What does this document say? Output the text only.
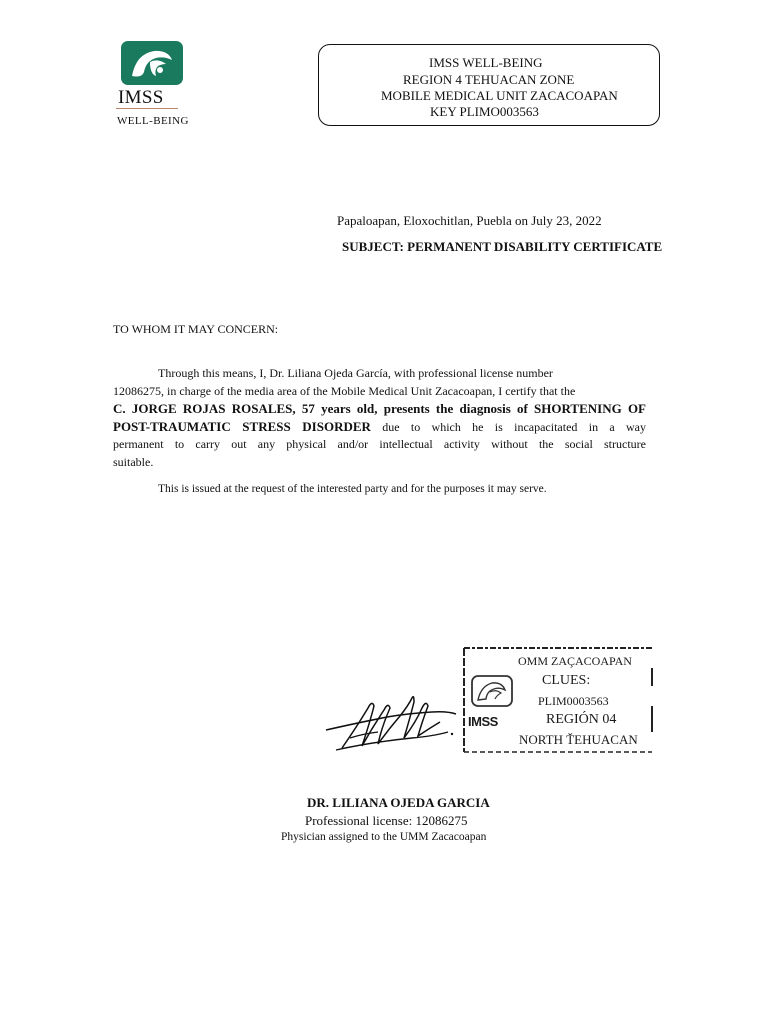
IMSS
WELL-BEING
IMSS WELL-BEING
REGION 4 TEHUACAN ZONE
MOBILE MEDICAL UNIT ZACACOAPAN
KEY PLIMO003563
Papaloapan, Eloxochitlan, Puebla on July 23, 2022
SUBJECT: PERMANENT DISABILITY CERTIFICATE
TO WHOM IT MAY CONCERN:
Through this means, I, Dr. Liliana Ojeda García, with professional license number
12086275, in charge of the media area of the Mobile Medical Unit Zacacoapan, I certify that the
C. JORGE ROJAS ROSALES, 57 years old, presents the diagnosis of SHORTENING OF
POST-TRAUMATIC STRESS DISORDER due to which he is incapacitated in a way
permanent to carry out any physical and/or intellectual activity without the social structure
suitable.
This is issued at the request of the interested party and for the purposes it may serve.
IMSS
OMM ZAÇACOAPAN
CLUES:
PLIM0003563
REGIÓN 04
NORTH ŤEHUACAN
DR. LILIANA OJEDA GARCIA
Professional license: 12086275
Physician assigned to the UMM Zacacoapan
